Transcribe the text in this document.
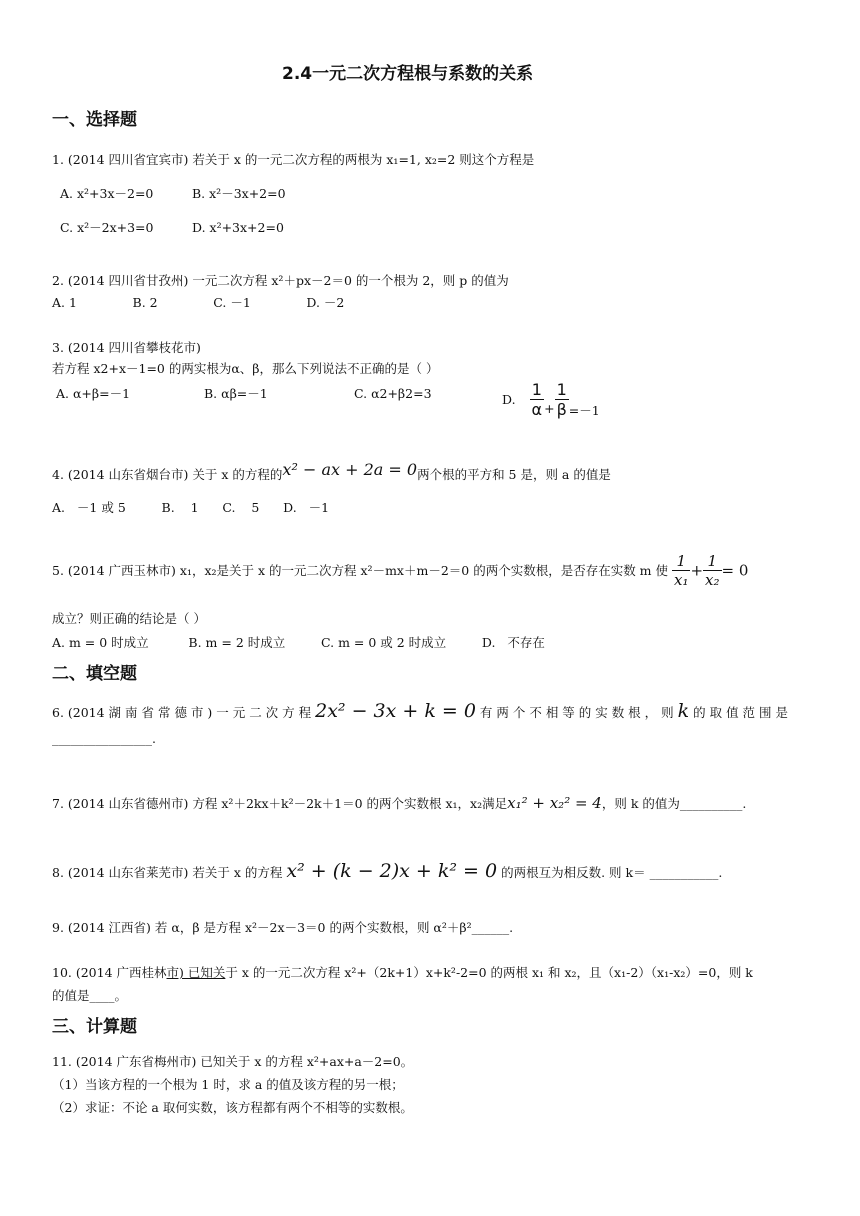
2.4一元二次方程根与系数的关系
一、选择题
1. (2014 四川省宜宾市) 若关于 x 的一元二次方程的两根为 x₁=1, x₂=2 则这个方程是
A. x²+3x－2=0	B. x²－3x+2=0
C. x²－2x+3=0	D. x²+3x+2=0
2. (2014 四川省甘孜州) 一元二次方程 x²＋px－2＝0 的一个根为 2，则 p 的值为
A. 1              B. 2              C. －1              D. －2
3. (2014 四川省攀枝花市)
若方程 x2+x－1=0 的两实根为α、β，那么下列说法不正确的是（ ）
A. α+β=－1	B. αβ=－1	C. α2+β2=3	D. $\frac{1}{\alpha} + \frac{1}{\beta} =-1$
4. (2014 山东省烟台市) 关于 x 的方程的x² − ax + 2a = 0两个根的平方和 5 是，则 a 的值是
A.   －1 或 5         B.    1      C.    5      D.   －1
5. (2014 广西玉林市) x₁，x₂是关于 x 的一元二次方程 x²－mx＋m－2＝0 的两个实数根，是否存在实数 m 使 $\frac{1}{\text{x₁}} + \frac{1}{\text{x₂}} = 0$
成立？则正确的结论是（ ）
A. m = 0 时成立          B. m = 2 时成立         C. m = 0 或 2 时成立         D.   不存在
二、填空题
6. (2014 湖 南 省 常 德 市 ) 一 元 二 次 方 程 2x² − 3x + k = 0 有 两 个 不 相 等 的 实 数 根 ， 则 k 的 取 值 范 围 是
________________.
7. (2014 山东省德州市) 方程 x²＋2kx＋k²－2k＋1＝0 的两个实数根 x₁，x₂满足x₁² + x₂² = 4，则 k 的值为__________.
8. (2014 山东省莱芜市) 若关于 x 的方程 x² + (k − 2)x + k² = 0 的两根互为相反数. 则 k＝ ___________.
9. (2014 江西省) 若 α，β 是方程 x²－2x－3＝0 的两个实数根，则 α²＋β²______.
10. (2014 广西桂林市) 已知关于 x 的一元二次方程 x²+（2k+1）x+k²-2=0 的两根 x₁ 和 x₂，且（x₁-2）（x₁-x₂）=0，则 k
的值是____。
三、计算题
11. (2014 广东省梅州市) 已知关于 x 的方程 x²+ax+a－2=0。
（1）当该方程的一个根为 1 时，求 a 的值及该方程的另一根；
（2）求证：不论 a 取何实数，该方程都有两个不相等的实数根。
